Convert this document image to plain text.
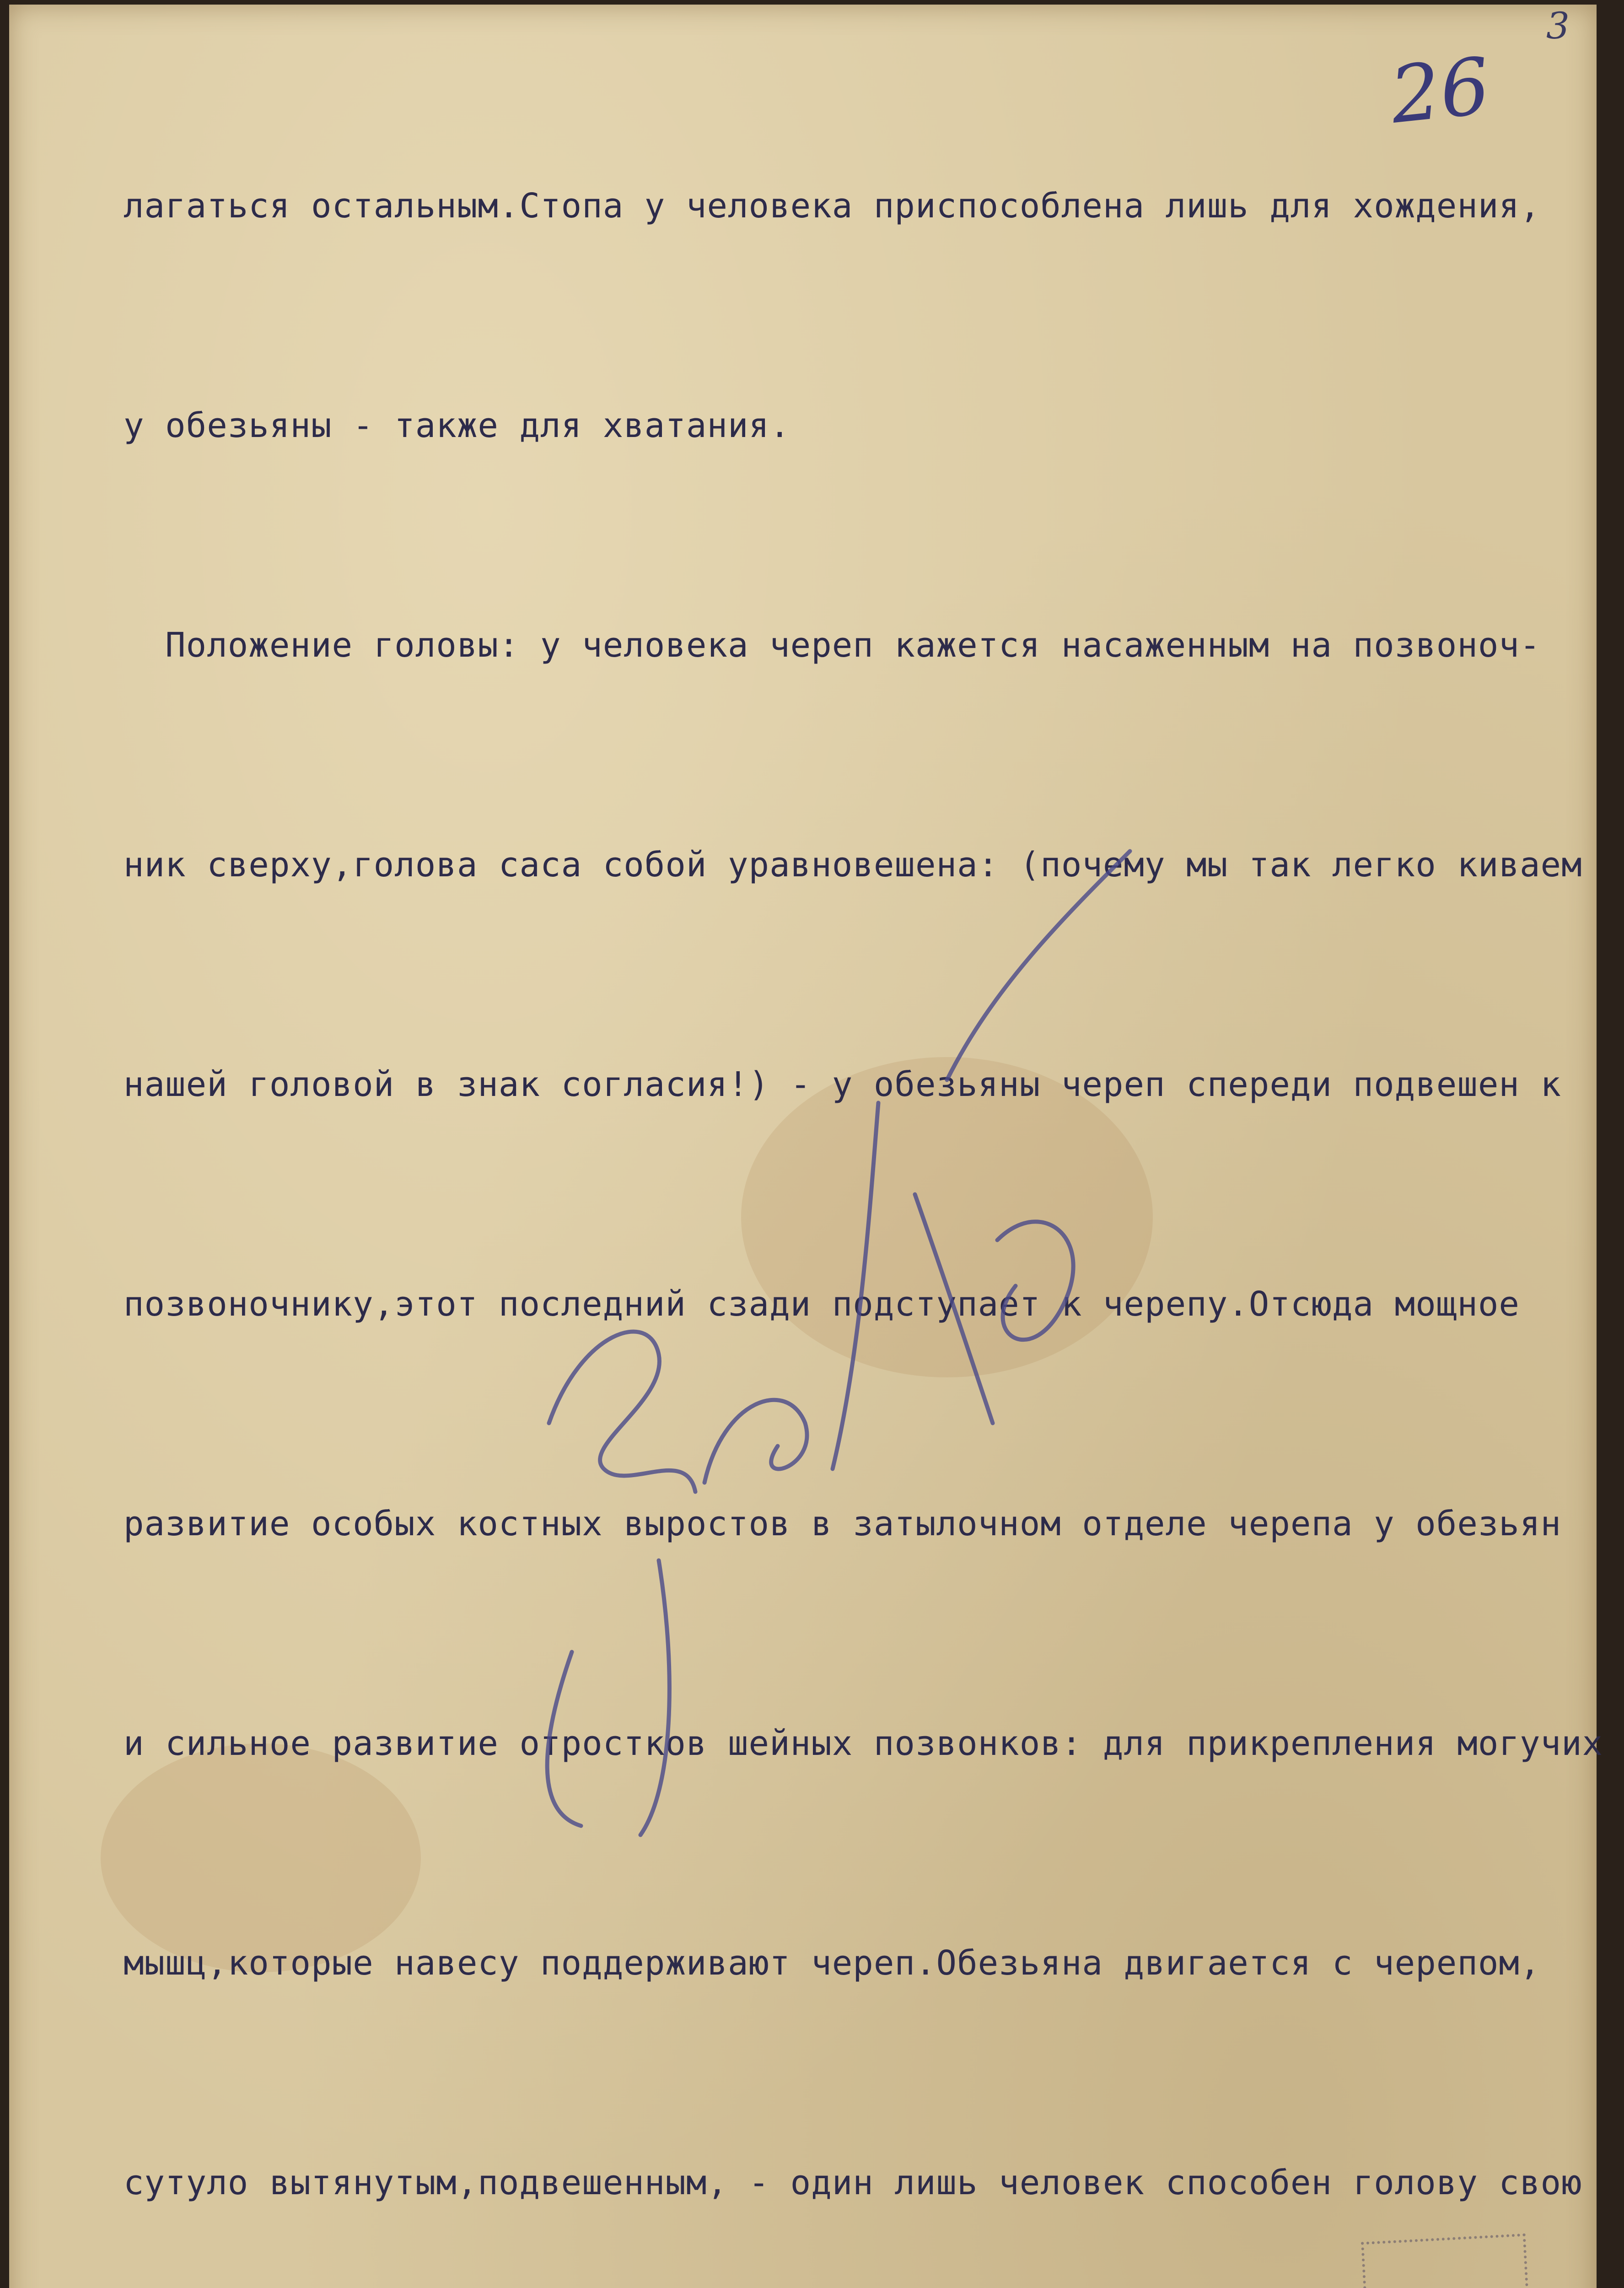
3
26

лагаться остальным.Стопа у человека приспособлена лишь для хождения,

у обезьяны - также для хватания.

Положение головы: у человека череп кажется насаженным на позвоноч-

ник сверху,голова саса собой уравновешена: (почему мы так легко киваем

нашей головой в знак согласия!) - у обезьяны череп спереди подвешен к

позвоночнику,этот последний сзади подступает к черепу.Отсюда мощное

развитие особых костных выростов в затылочном отделе черепа у обезьян

и сильное развитие отростков шейных позвонков: для прикрепления могучих

мышц,которые навесу поддерживают череп.Обезьяна двигается с черепом,

сутуло вытянутым,подвешенным, - один лишь человек способен голову свою
